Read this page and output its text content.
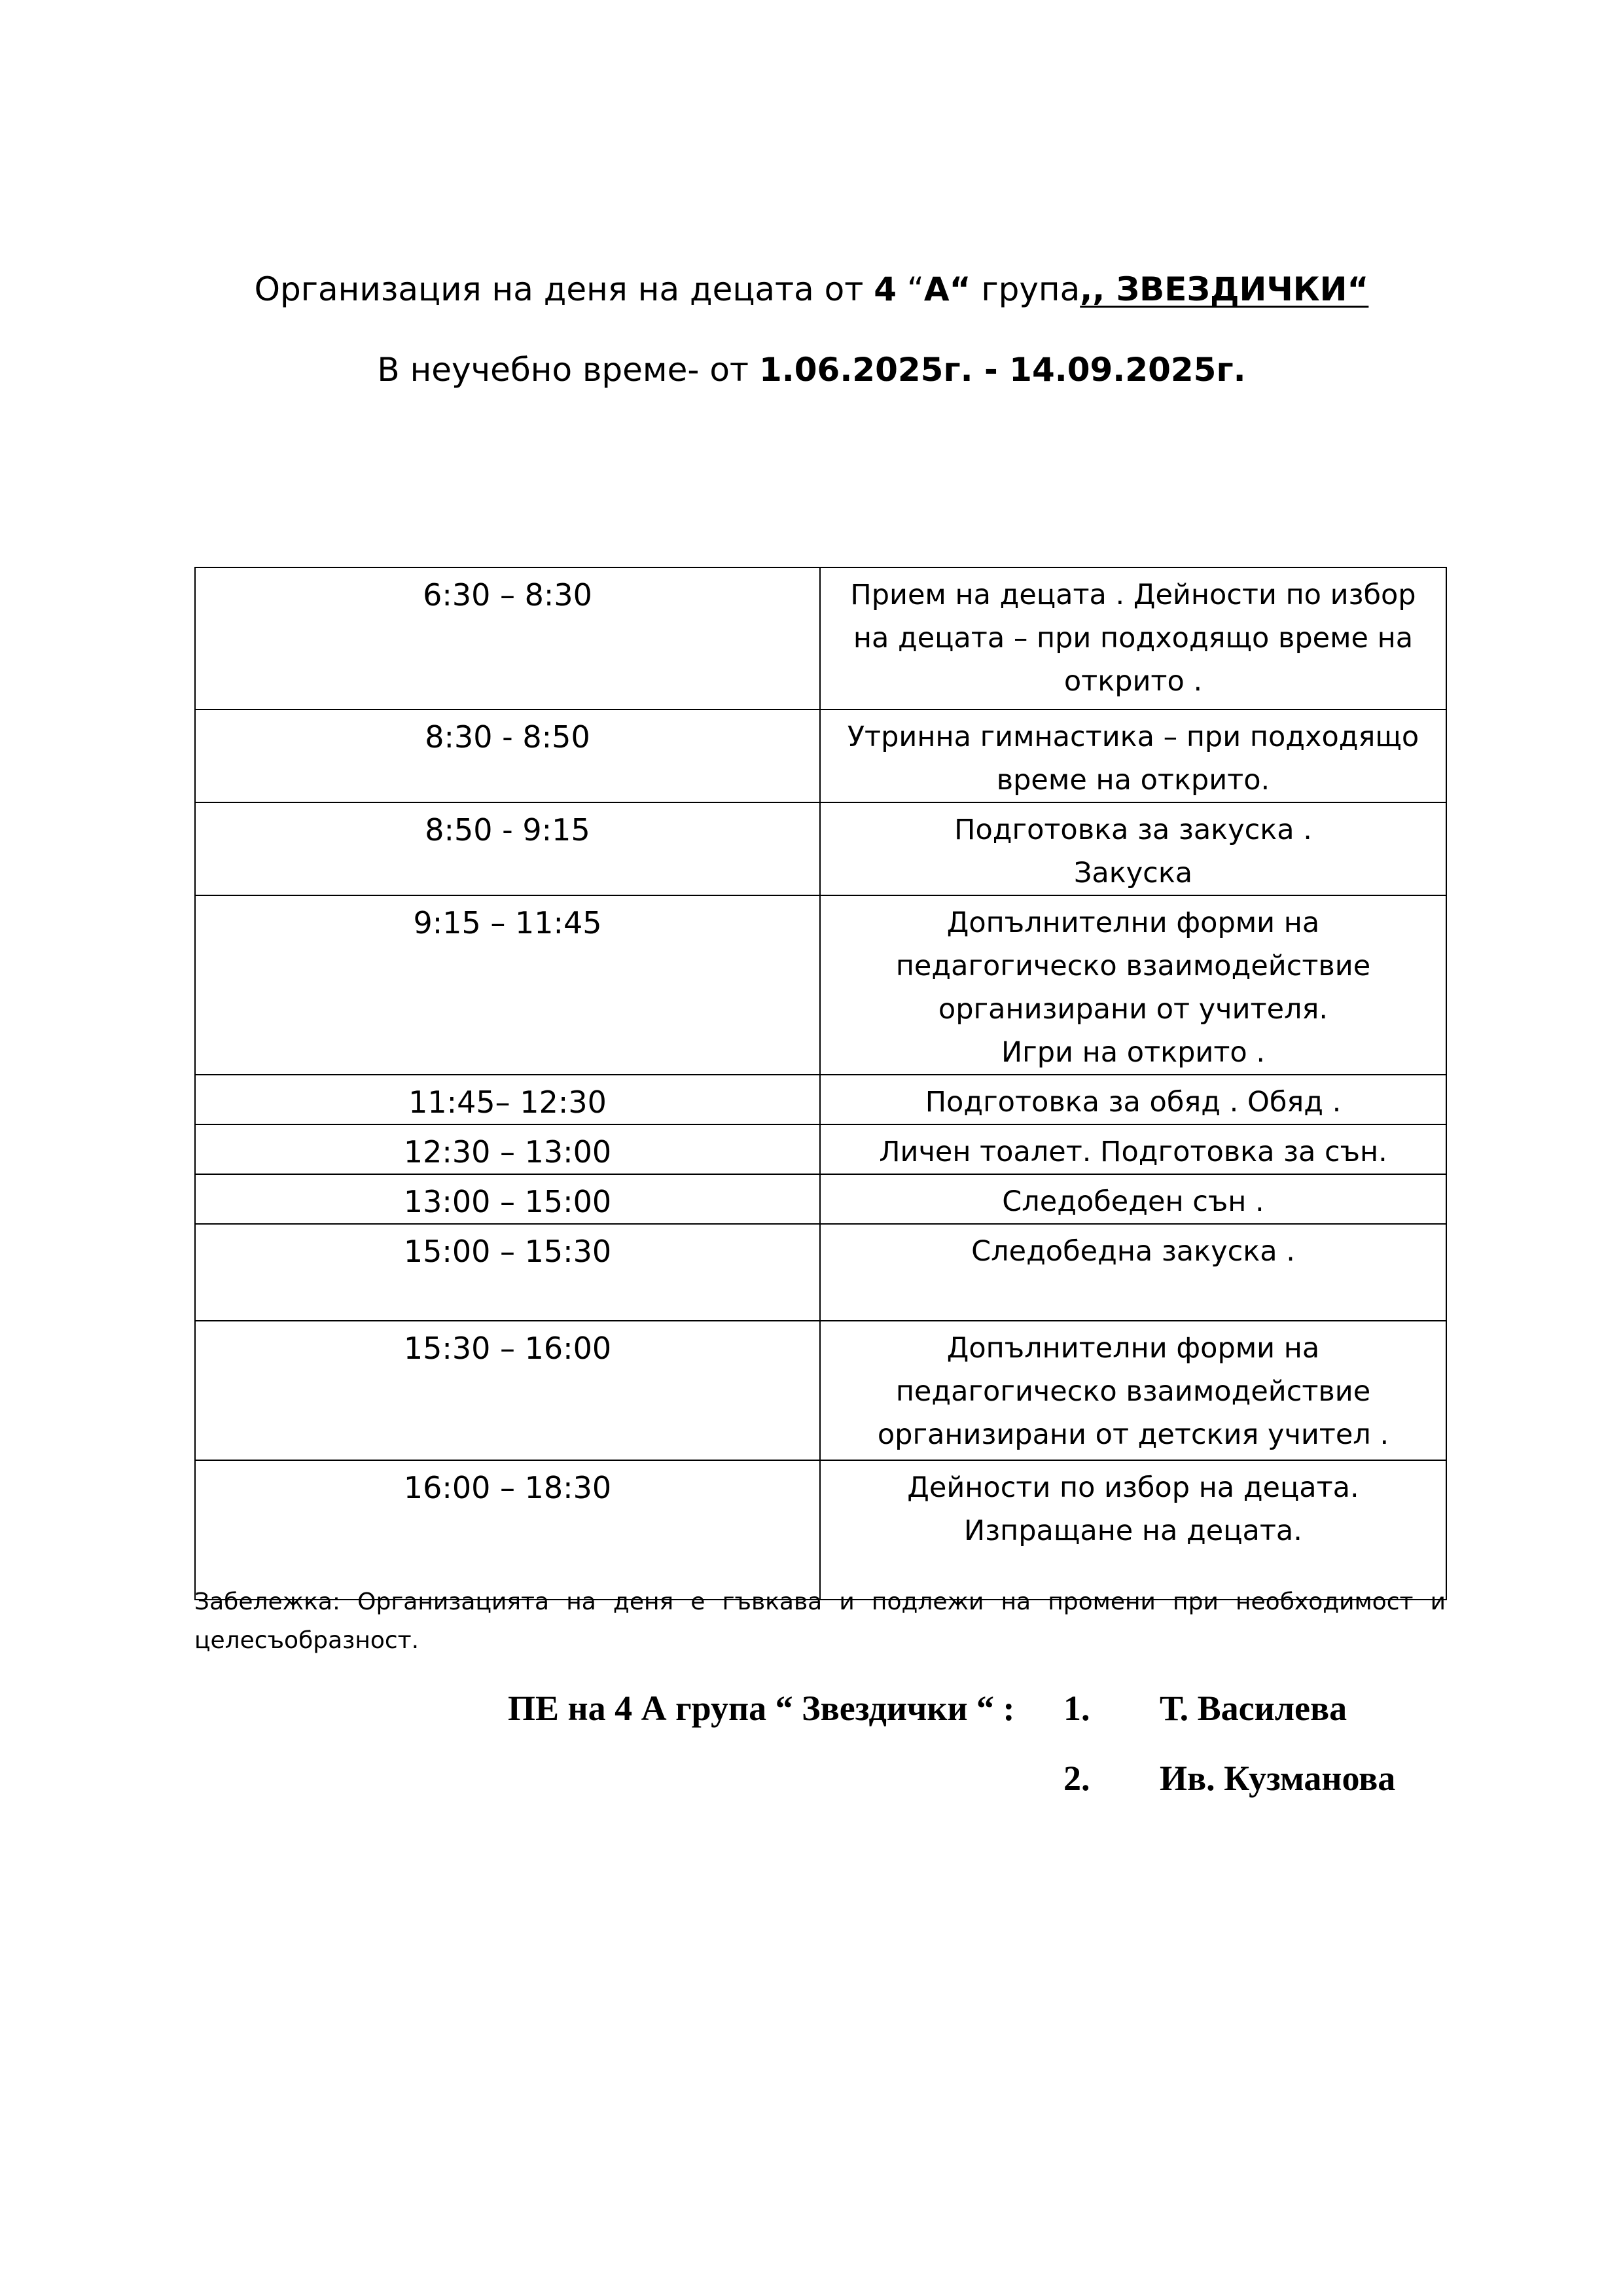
Организация на деня на децата от 4 “А“ група,, ЗВЕЗДИЧКИ“
В неучебно време- от 1.06.2025г. - 14.09.2025г.
6:30 – 8:30	Прием на децата . Дейности по избор
на децата – при подходящо време на
открито .

8:30 - 8:50	Утринна гимнастика – при подходящо
време на открито.

8:50 - 9:15	Подготовка за закуска .
Закуска

9:15 – 11:45	Допълнителни форми на
педагогическо взаимодействие
организирани от учителя.
Игри на открито .

11:45– 12:30	Подготовка за обяд . Обяд .

12:30 – 13:00	Личен тоалет. Подготовка за сън.

13:00 – 15:00	Следобеден сън .

15:00 – 15:30	Следобедна закуска .

15:30 – 16:00	Допълнителни форми на
педагогическо взаимодействие
организирани от детския учител .

16:00 – 18:30	Дейности по избор на децата.
Изпращане на децата.
Забележка: Организацията на деня е гъвкава и подлежи на промени при необходимост и целесъобразност.
ПЕ на 4 А група “ Звездички “ : 1. Т. Василева
2. Ив. Кузманова
